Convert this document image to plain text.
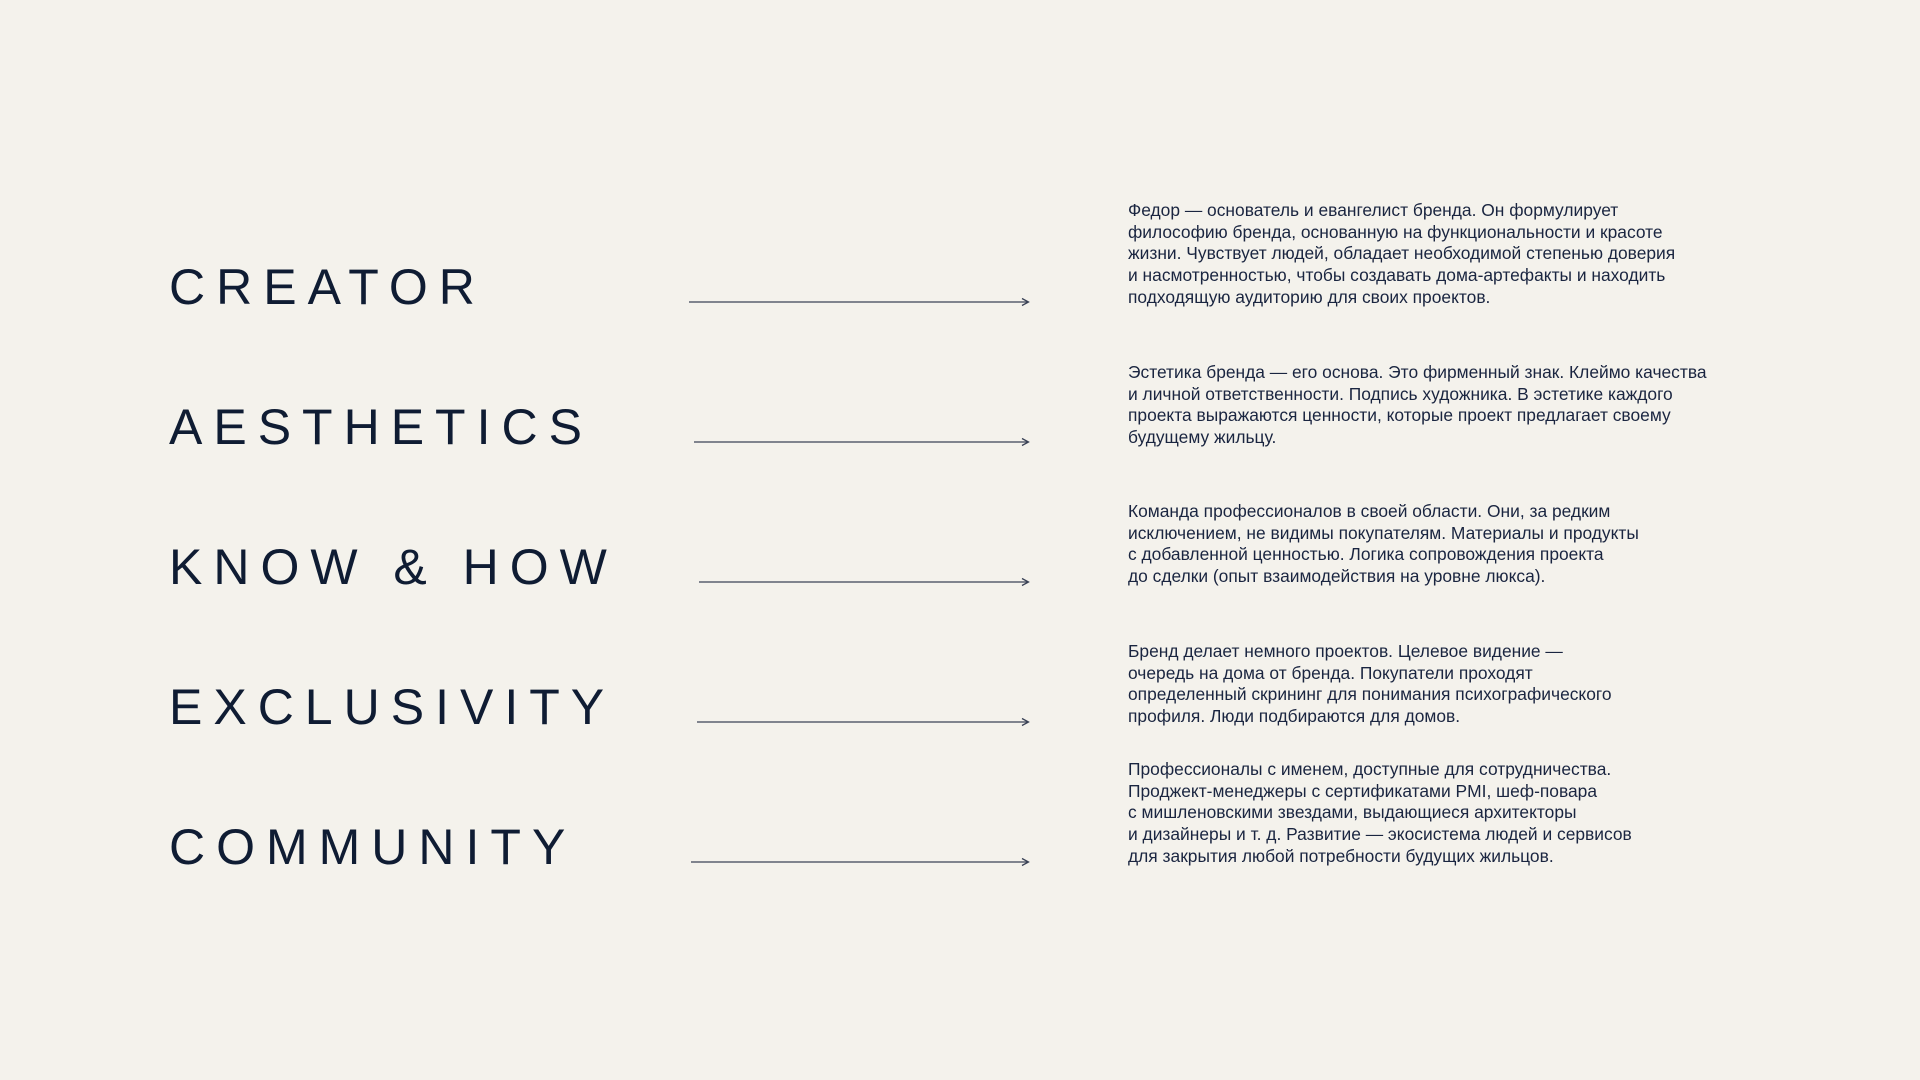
CREATOR

Федор — основатель и евангелист бренда. Он формулирует
философию бренда, основанную на функциональности и красоте
жизни. Чувствует людей, обладает необходимой степенью доверия
и насмотренностью, чтобы создавать дома-артефакты и находить
подходящую аудиторию для своих проектов.

AESTHETICS

Эстетика бренда — его основа. Это фирменный знак. Клеймо качества
и личной ответственности. Подпись художника. В эстетике каждого
проекта выражаются ценности, которые проект предлагает своему
будущему жильцу.

KNOW & HOW

Команда профессионалов в своей области. Они, за редким
исключением, не видимы покупателям. Материалы и продукты
с добавленной ценностью. Логика сопровождения проекта
до сделки (опыт взаимодействия на уровне люкса).

EXCLUSIVITY

Бренд делает немного проектов. Целевое видение —
очередь на дома от бренда. Покупатели проходят
определенный скрининг для понимания психографического
профиля. Люди подбираются для домов.

COMMUNITY

Профессионалы с именем, доступные для сотрудничества.
Проджект-менеджеры с сертификатами PMI, шеф-повара
с мишленовскими звездами, выдающиеся архитекторы
и дизайнеры и т. д. Развитие — экосистема людей и сервисов
для закрытия любой потребности будущих жильцов.
